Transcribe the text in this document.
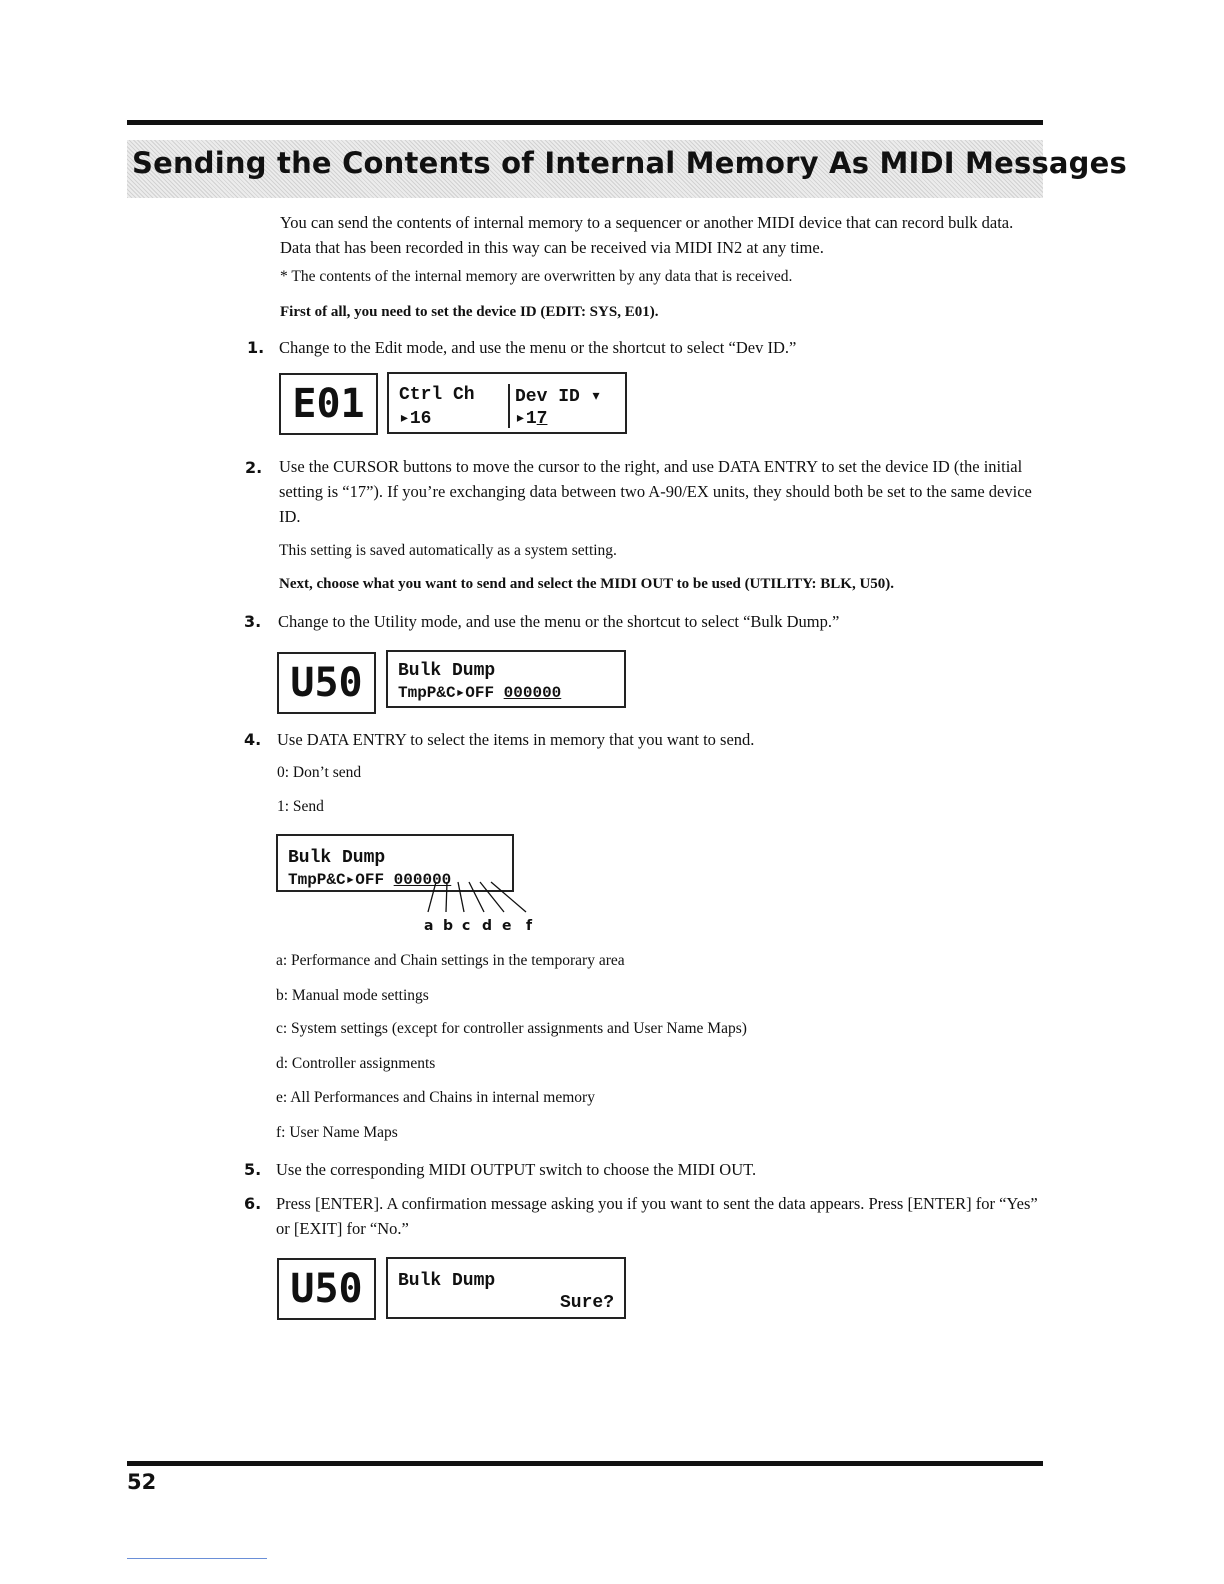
Sending the Contents of Internal Memory As MIDI Messages
You can send the contents of internal memory to a sequencer or another MIDI device that can record bulk data. Data that has been recorded in this way can be received via MIDI IN2 at any time.
* The contents of the internal memory are overwritten by any data that is received.
First of all, you need to set the device ID (EDIT: SYS, E01).
1. Change to the Edit mode, and use the menu or the shortcut to select “Dev ID.”
E01	Ctrl Ch
▸16
Dev ID ▾
▸17
2. Use the CURSOR buttons to move the cursor to the right, and use DATA ENTRY to set the device ID (the initial setting is “17”). If you’re exchanging data between two A-90/EX units, they should both be set to the same device ID.
This setting is saved automatically as a system setting.
Next, choose what you want to send and select the MIDI OUT to be used (UTILITY: BLK, U50).
3. Change to the Utility mode, and use the menu or the shortcut to select “Bulk Dump.”
U50	Bulk Dump
TmpP&C▸OFF 000000
4. Use DATA ENTRY to select the items in memory that you want to send.
0: Don’t send
1: Send
Bulk Dump
TmpP&C▸OFF 000000
a b c d e f
a: Performance and Chain settings in the temporary area
b: Manual mode settings
c: System settings (except for controller assignments and User Name Maps)
d: Controller assignments
e: All Performances and Chains in internal memory
f: User Name Maps
5. Use the corresponding MIDI OUTPUT switch to choose the MIDI OUT.
6. Press [ENTER]. A confirmation message asking you if you want to sent the data appears. Press [ENTER] for “Yes” or [EXIT] for “No.”
U50	Bulk Dump
Sure?
52
